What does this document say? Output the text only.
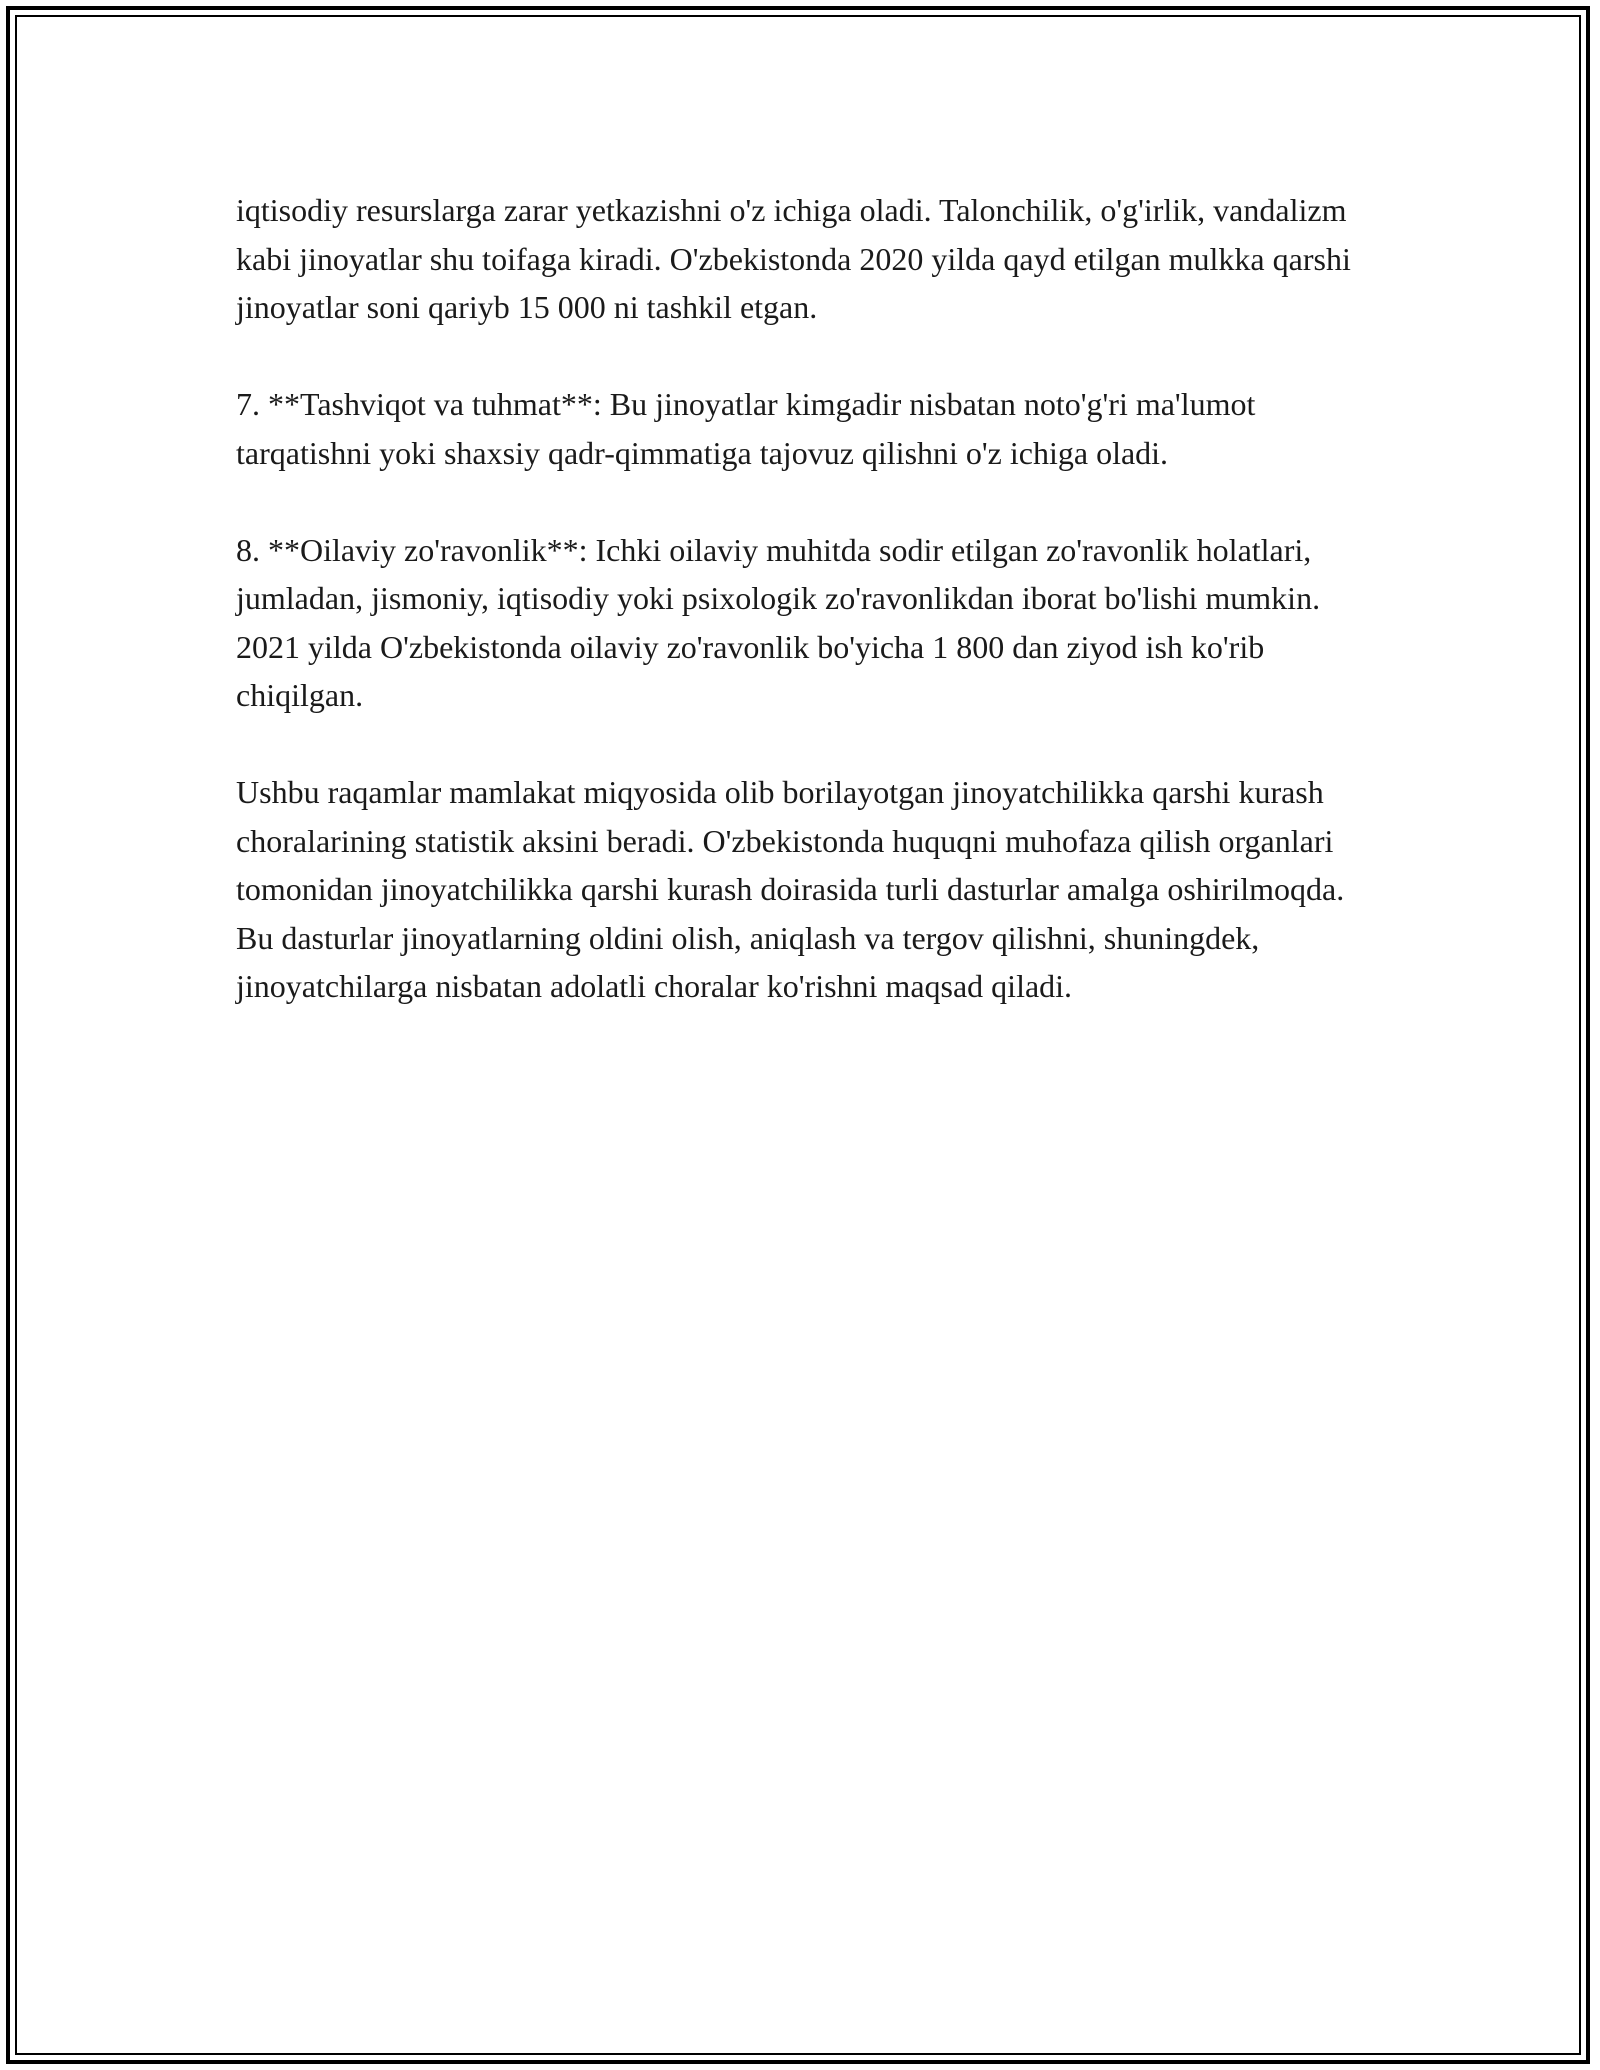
iqtisodiy resurslarga zarar yetkazishni o'z ichiga oladi. Talonchilik, o'g'irlik, vandalizm kabi jinoyatlar shu toifaga kiradi. O'zbekistonda 2020 yilda qayd etilgan mulkka qarshi jinoyatlar soni qariyb 15 000 ni tashkil etgan.

7. **Tashviqot va tuhmat**: Bu jinoyatlar kimgadir nisbatan noto'g'ri ma'lumot tarqatishni yoki shaxsiy qadr-qimmatiga tajovuz qilishni o'z ichiga oladi.

8. **Oilaviy zo'ravonlik**: Ichki oilaviy muhitda sodir etilgan zo'ravonlik holatlari, jumladan, jismoniy, iqtisodiy yoki psixologik zo'ravonlikdan iborat bo'lishi mumkin. 2021 yilda O'zbekistonda oilaviy zo'ravonlik bo'yicha 1 800 dan ziyod ish ko'rib chiqilgan.

Ushbu raqamlar mamlakat miqyosida olib borilayotgan jinoyatchilikka qarshi kurash choralarining statistik aksini beradi. O'zbekistonda huquqni muhofaza qilish organlari tomonidan jinoyatchilikka qarshi kurash doirasida turli dasturlar amalga oshirilmoqda. Bu dasturlar jinoyatlarning oldini olish, aniqlash va tergov qilishni, shuningdek, jinoyatchilarga nisbatan adolatli choralar ko'rishni maqsad qiladi.
